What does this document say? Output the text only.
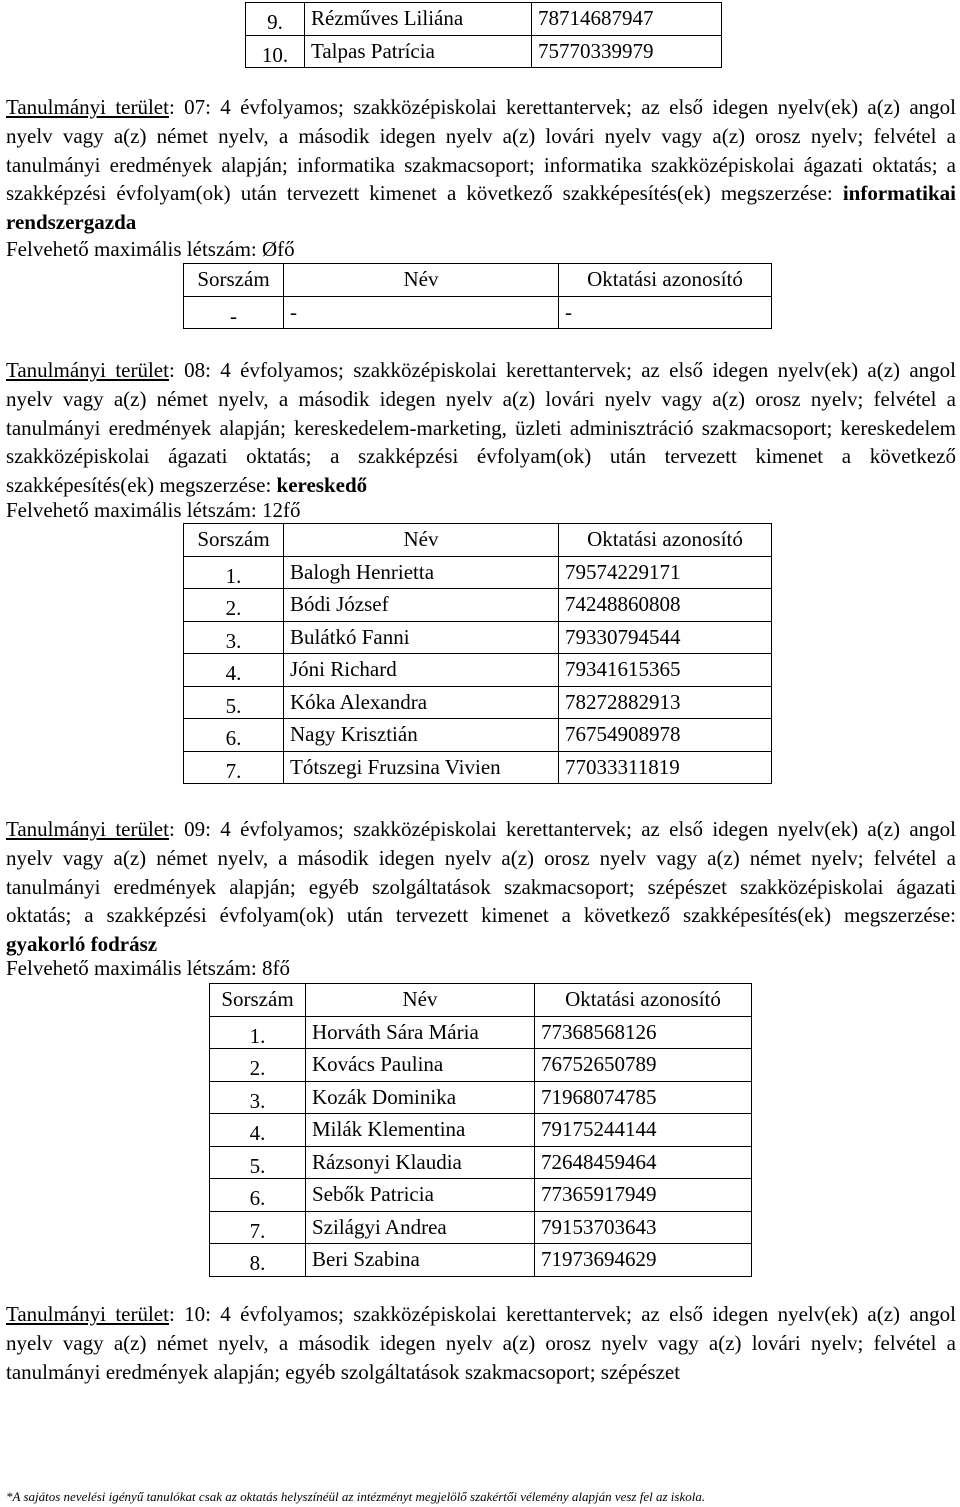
9.	Rézműves Liliána	78714687947
10.	Talpas Patrícia	75770339979

Tanulmányi terület: 07: 4 évfolyamos; szakközépiskolai kerettantervek; az első idegen nyelv(ek) a(z) angol nyelv vagy a(z) német nyelv, a második idegen nyelv a(z) lovári nyelv vagy a(z) orosz nyelv; felvétel a tanulmányi eredmények alapján; informatika szakmacsoport; informatika szakközépiskolai ágazati oktatás; a szakképzési évfolyam(ok) után tervezett kimenet a következő szakképesítés(ek) megszerzése: informatikai rendszergazda

Felvehető maximális létszám: Øfő

Sorszám	Név	Oktatási azonosító
-	-	-

Tanulmányi terület: 08: 4 évfolyamos; szakközépiskolai kerettantervek; az első idegen nyelv(ek) a(z) angol nyelv vagy a(z) német nyelv, a második idegen nyelv a(z) lovári nyelv vagy a(z) orosz nyelv; felvétel a tanulmányi eredmények alapján; kereskedelem-marketing, üzleti adminisztráció szakmacsoport; kereskedelem szakközépiskolai ágazati oktatás; a szakképzési évfolyam(ok) után tervezett kimenet a következő szakképesítés(ek) megszerzése: kereskedő

Felvehető maximális létszám: 12fő

Sorszám	Név	Oktatási azonosító
1.	Balogh Henrietta	79574229171
2.	Bódi József	74248860808
3.	Bulátkó Fanni	79330794544
4.	Jóni Richard	79341615365
5.	Kóka Alexandra	78272882913
6.	Nagy Krisztián	76754908978
7.	Tótszegi Fruzsina Vivien	77033311819

Tanulmányi terület: 09: 4 évfolyamos; szakközépiskolai kerettantervek; az első idegen nyelv(ek) a(z) angol nyelv vagy a(z) német nyelv, a második idegen nyelv a(z) orosz nyelv vagy a(z) német nyelv; felvétel a tanulmányi eredmények alapján; egyéb szolgáltatások szakmacsoport; szépészet szakközépiskolai ágazati oktatás; a szakképzési évfolyam(ok) után tervezett kimenet a következő szakképesítés(ek) megszerzése: gyakorló fodrász

Felvehető maximális létszám: 8fő

Sorszám	Név	Oktatási azonosító
1.	Horváth Sára Mária	77368568126
2.	Kovács Paulina	76752650789
3.	Kozák Dominika	71968074785
4.	Milák Klementina	79175244144
5.	Rázsonyi Klaudia	72648459464
6.	Sebők Patricia	77365917949
7.	Szilágyi Andrea	79153703643
8.	Beri Szabina	71973694629

Tanulmányi terület: 10: 4 évfolyamos; szakközépiskolai kerettantervek; az első idegen nyelv(ek) a(z) angol nyelv vagy a(z) német nyelv, a második idegen nyelv a(z) orosz nyelv vagy a(z) lovári nyelv; felvétel a tanulmányi eredmények alapján; egyéb szolgáltatások szakmacsoport; szépészet

*A sajátos nevelési igényű tanulókat csak az oktatás helyszínéül az intézményt megjelölő szakértői vélemény alapján vesz fel az iskola.
